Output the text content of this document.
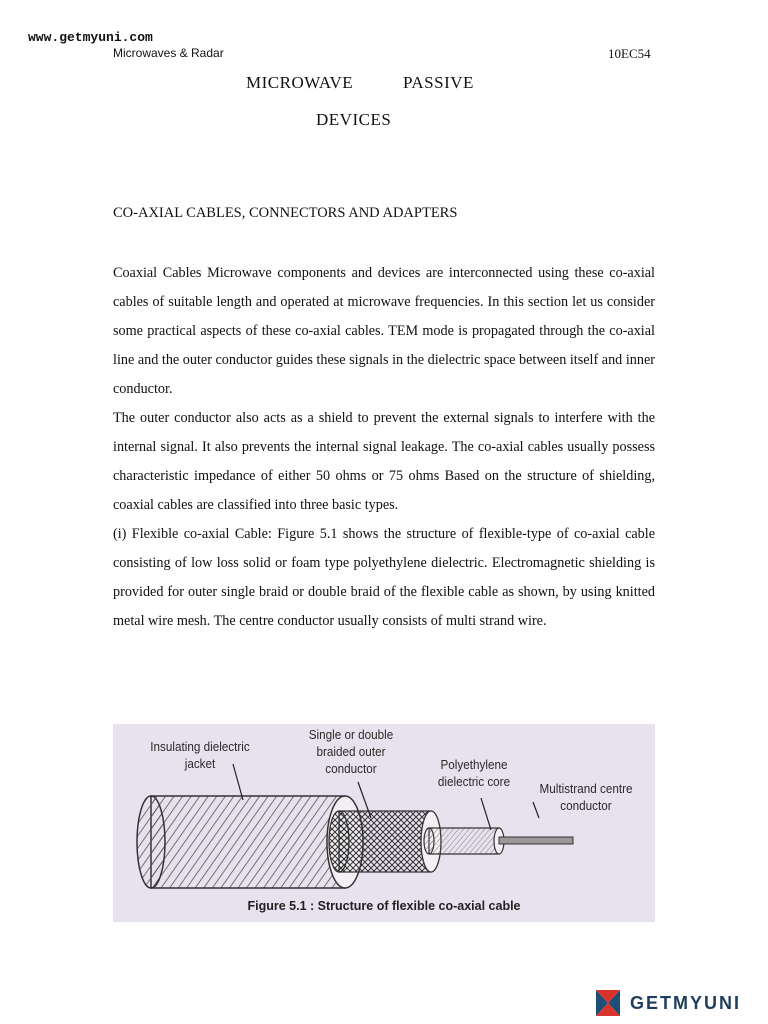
www.getmyuni.com
Microwaves & Radar	10EC54
MICROWAVE	PASSIVE
DEVICES
CO-AXIAL CABLES, CONNECTORS AND ADAPTERS

Coaxial Cables Microwave components and devices are interconnected using these co-axial cables of suitable length and operated at microwave frequencies. In this section let us consider some practical aspects of these co-axial cables. TEM mode is propagated through the co-axial line and the outer conductor guides these signals in the dielectric space between itself and inner conductor.

The outer conductor also acts as a shield to prevent the external signals to interfere with the internal signal. It also prevents the internal signal leakage. The co-axial cables usually possess characteristic impedance of either 50 ohms or 75 ohms Based on the structure of shielding, coaxial cables are classified into three basic types.

(i) Flexible co-axial Cable: Figure 5.1 shows the structure of flexible-type of co-axial cable consisting of low loss solid or foam type polyethylene dielectric. Electromagnetic shielding is provided for outer single braid or double braid of the flexible cable as shown, by using knitted metal wire mesh. The centre conductor usually consists of multi strand wire.

Insulating dielectric
jacket
Single or double
braided outer
conductor	Polyethylene
dielectric core	Multistrand centre
conductor
Figure 5.1 : Structure of flexible co-axial cable
GETMYUNI
